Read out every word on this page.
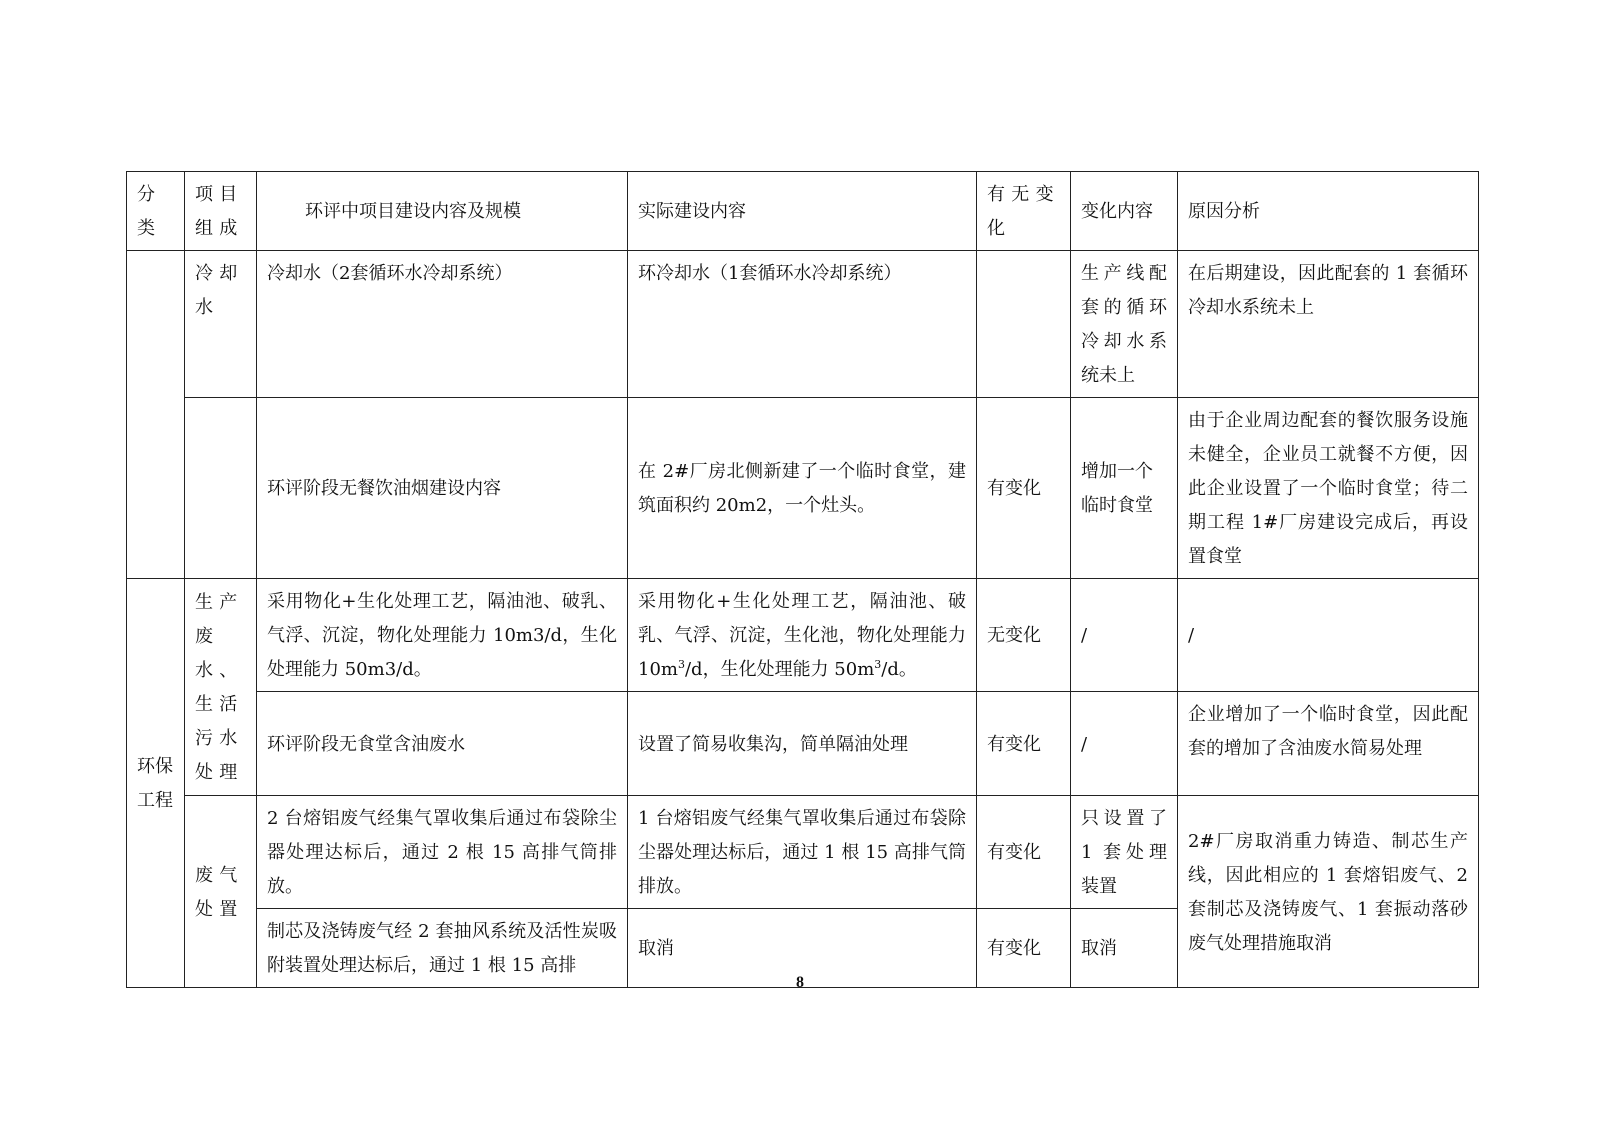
分类	项目组成	环评中项目建设内容及规模	实际建设内容	有无变化	变化内容	原因分析
	冷却水	冷却水（2套循环水冷却系统）	环冷却水（1套循环水冷却系统）		生产线配套的循环冷却水系统未上	在后期建设，因此配套的 1 套循环冷却水系统未上
		环评阶段无餐饮油烟建设内容	在 2#厂房北侧新建了一个临时食堂，建筑面积约 20m2，一个灶头。	有变化	增加一个临时食堂	由于企业周边配套的餐饮服务设施未健全，企业员工就餐不方便，因此企业设置了一个临时食堂；待二期工程 1#厂房建设完成后，再设置食堂
环保工程	生产废水、生活污水处理	采用物化+生化处理工艺，隔油池、破乳、气浮、沉淀，物化处理能力 10m3/d，生化处理能力 50m3/d。	采用物化+生化处理工艺，隔油池、破乳、气浮、沉淀，生化池，物化处理能力 $10m^3/d$，生化处理能力 $50m^3/d$。	无变化	/	/
		环评阶段无食堂含油废水	设置了简易收集沟，简单隔油处理	有变化	/	企业增加了一个临时食堂，因此配套的增加了含油废水简易处理
	废气处置	2 台熔铝废气经集气罩收集后通过布袋除尘器处理达标后，通过 2 根 15 高排气筒排放。	1 台熔铝废气经集气罩收集后通过布袋除尘器处理达标后，通过 1 根 15 高排气筒排放。	有变化	只设置了 1 套处理装置	2#厂房取消重力铸造、制芯生产线，因此相应的 1 套熔铝废气、2 套制芯及浇铸废气、1 套振动落砂废气处理措施取消
		制芯及浇铸废气经 2 套抽风系统及活性炭吸附装置处理达标后，通过 1 根 15 高排	取消	有变化	取消	
8
